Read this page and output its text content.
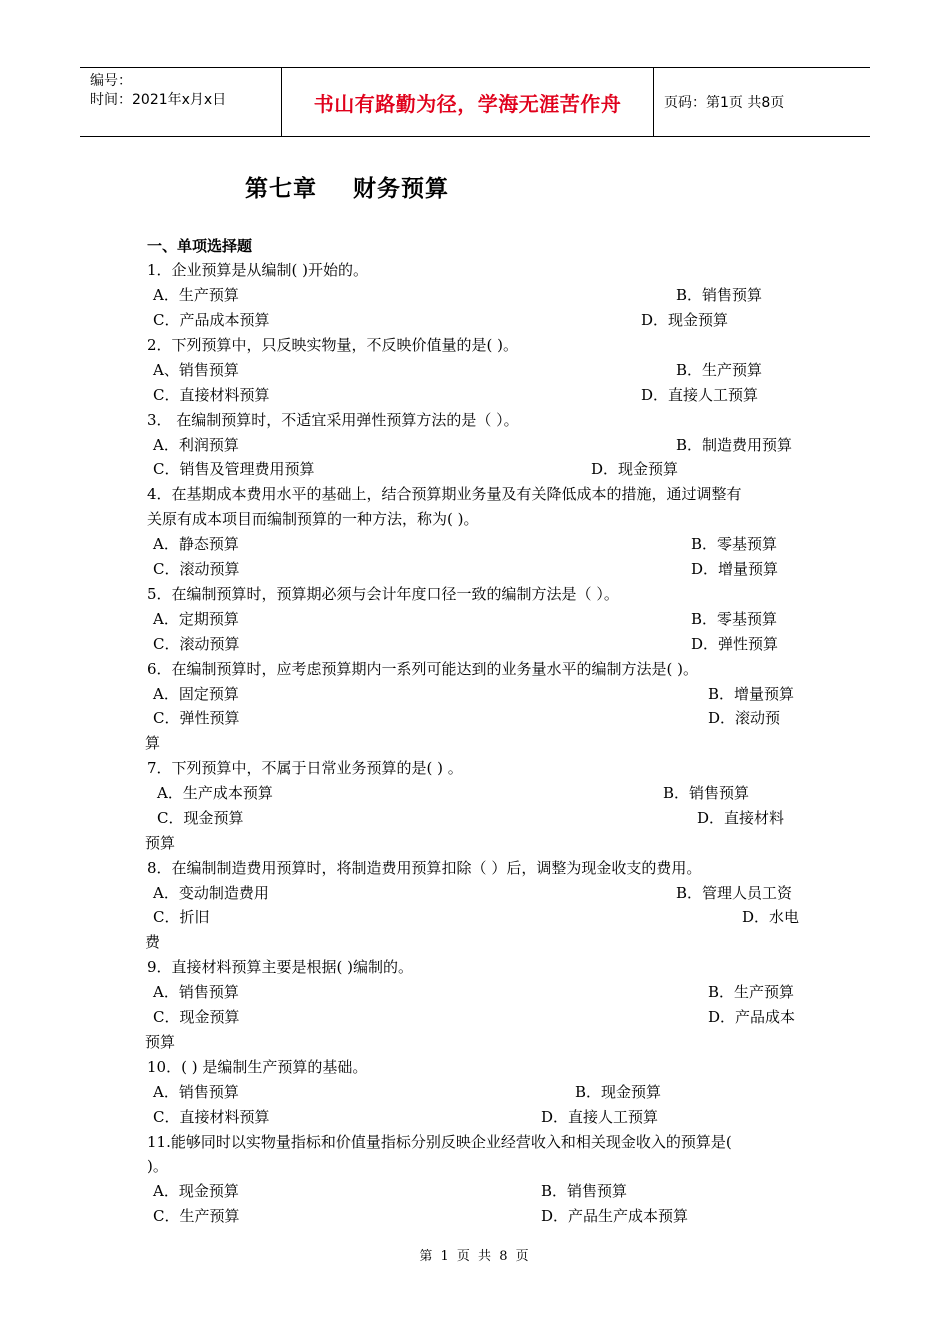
编号：
时间：2021年x月x日	书山有路勤为径，学海无涯苦作舟	页码：第1页 共8页
第七章    财务预算
一、单项选择题
1．企业预算是从编制( )开始的。
A．生产预算	B．销售预算
C．产品成本预算	D．现金预算
2．下列预算中，只反映实物量，不反映价值量的是( )。
A、销售预算	B．生产预算
C．直接材料预算	D．直接人工预算
3． 在编制预算时，不适宜采用弹性预算方法的是（ ）。
A．利润预算	B．制造费用预算
C．销售及管理费用预算	D．现金预算
4．在基期成本费用水平的基础上，结合预算期业务量及有关降低成本的措施，通过调整有
关原有成本项目而编制预算的一种方法，称为( )。
A．静态预算	B．零基预算
C．滚动预算	D．增量预算
5．在编制预算时，预算期必须与会计年度口径一致的编制方法是（ ）。
A．定期预算	B．零基预算
C．滚动预算	D．弹性预算
6．在编制预算时，应考虑预算期内一系列可能达到的业务量水平的编制方法是( )。
A．固定预算	B．增量预算
C．弹性预算	D．滚动预
算
7．下列预算中，不属于日常业务预算的是( ) 。
A．生产成本预算	B．销售预算
C．现金预算	D．直接材料
预算
8．在编制制造费用预算时，将制造费用预算扣除（ ）后，调整为现金收支的费用。
A．变动制造费用	B．管理人员工资
C．折旧	D．水电
费
9．直接材料预算主要是根据( )编制的。
A．销售预算	B．生产预算
C．现金预算	D．产品成本
预算
10．( ) 是编制生产预算的基础。
A．销售预算	B．现金预算
C．直接材料预算	D．直接人工预算
11.能够同时以实物量指标和价值量指标分别反映企业经营收入和相关现金收入的预算是(
)。
A．现金预算	B．销售预算
C．生产预算	D．产品生产成本预算
第 1 页 共 8 页
